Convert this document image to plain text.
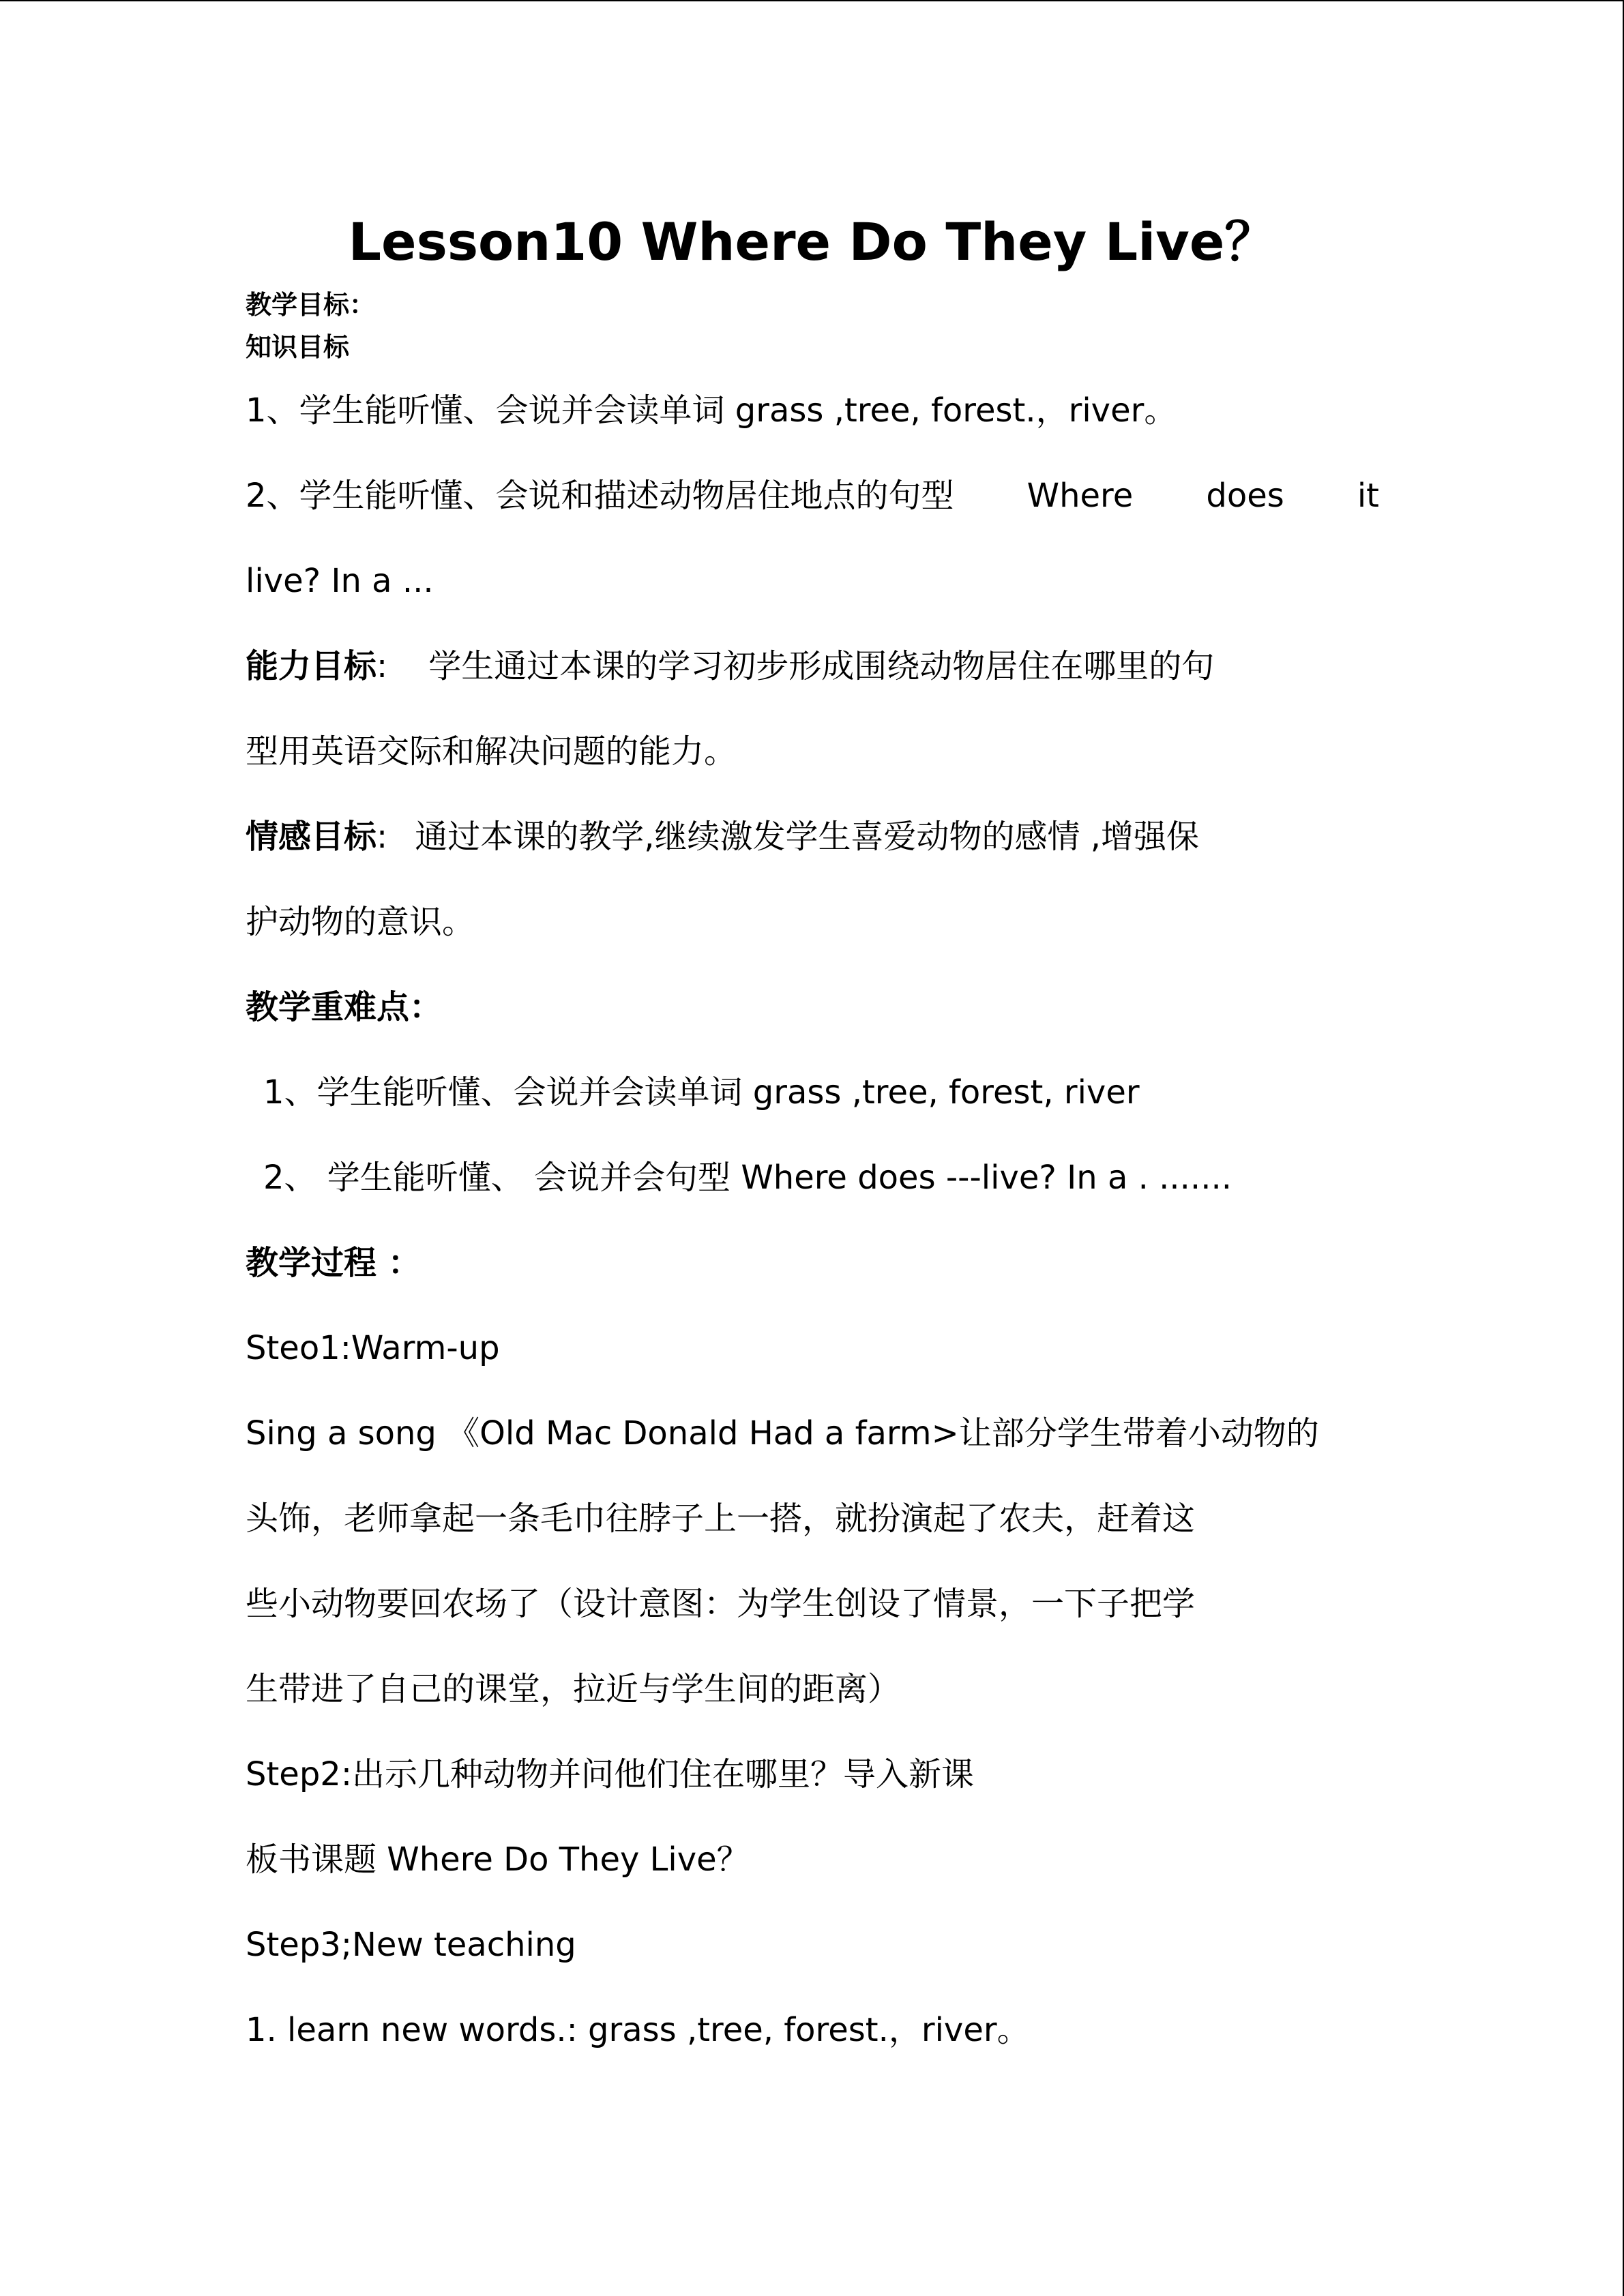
Lesson10 Where Do They Live？
教学目标：
知识目标
1、学生能听懂、会说并会读单词 grass ,tree, forest.，river。
2、学生能听懂、会说和描述动物居住地点的句型 Where does it
live? In a ...
能力目标: 学生通过本课的学习初步形成围绕动物居住在哪里的句
型用英语交际和解决问题的能力。
情感目标: 通过本课的教学,继续激发学生喜爱动物的感情 ,增强保
护动物的意识。
教学重难点：
1、学生能听懂、会说并会读单词 grass ,tree, forest, river
2、 学生能听懂、 会说并会句型 Where does ---live? In a . .......
教学过程 ：
Steo1:Warm-up
Sing a song 《Old Mac Donald Had a farm>让部分学生带着小动物的
头饰，老师拿起一条毛巾往脖子上一搭，就扮演起了农夫，赶着这
些小动物要回农场了（设计意图：为学生创设了情景，一下子把学
生带进了自己的课堂，拉近与学生间的距离）
Step2:出示几种动物并问他们住在哪里？导入新课
板书课题 Where Do They Live？
Step3;New teaching
1. learn new words.: grass ,tree, forest.，river。
